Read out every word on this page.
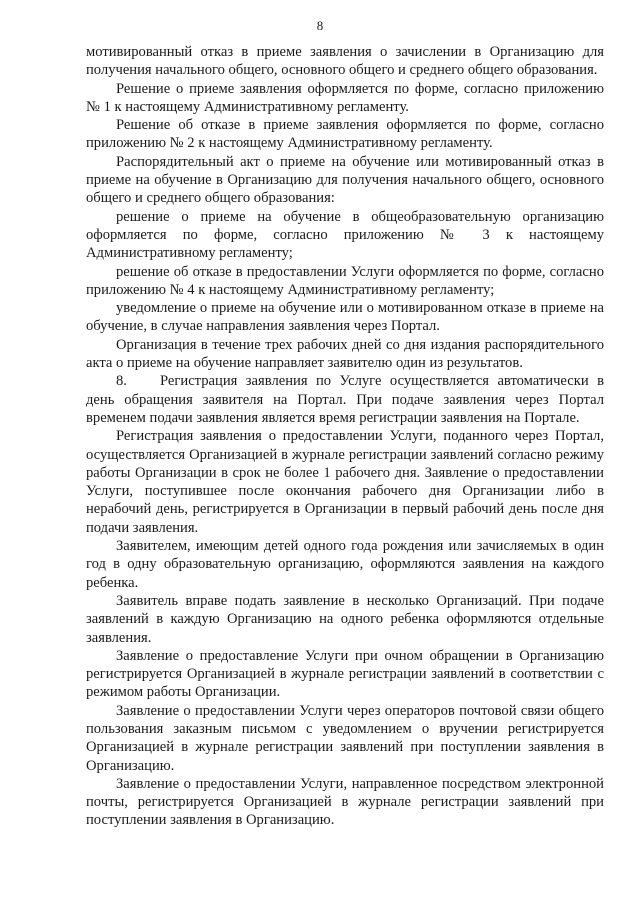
8

мотивированный отказ в приеме заявления о зачислении в Организацию для получения начального общего, основного общего и среднего общего образования.

Решение о приеме заявления оформляется по форме, согласно приложению № 1 к настоящему Административному регламенту.

Решение об отказе в приеме заявления оформляется по форме, согласно приложению № 2 к настоящему Административному регламенту.

Распорядительный акт о приеме на обучение или мотивированный отказ в приеме на обучение в Организацию для получения начального общего, основного общего и среднего общего образования:

решение о приеме на обучение в общеобразовательную организацию оформляется по форме, согласно приложению № 3 к настоящему Административному регламенту;

решение об отказе в предоставлении Услуги оформляется по форме, согласно приложению № 4 к настоящему Административному регламенту;

уведомление о приеме на обучение или о мотивированном отказе в приеме на обучение, в случае направления заявления через Портал.

Организация в течение трех рабочих дней со дня издания распорядительного акта о приеме на обучение направляет заявителю один из результатов.

8. Регистрация заявления по Услуге осуществляется автоматически в день обращения заявителя на Портал. При подаче заявления через Портал временем подачи заявления является время регистрации заявления на Портале.

Регистрация заявления о предоставлении Услуги, поданного через Портал, осуществляется Организацией в журнале регистрации заявлений согласно режиму работы Организации в срок не более 1 рабочего дня. Заявление о предоставлении Услуги, поступившее после окончания рабочего дня Организации либо в нерабочий день, регистрируется в Организации в первый рабочий день после дня подачи заявления.

Заявителем, имеющим детей одного года рождения или зачисляемых в один год в одну образовательную организацию, оформляются заявления на каждого ребенка.

Заявитель вправе подать заявление в несколько Организаций. При подаче заявлений в каждую Организацию на одного ребенка оформляются отдельные заявления.

Заявление о предоставление Услуги при очном обращении в Организацию регистрируется Организацией в журнале регистрации заявлений в соответствии с режимом работы Организации.

Заявление о предоставлении Услуги через операторов почтовой связи общего пользования заказным письмом с уведомлением о вручении регистрируется Организацией в журнале регистрации заявлений при поступлении заявления в Организацию.

Заявление о предоставлении Услуги, направленное посредством электронной почты, регистрируется Организацией в журнале регистрации заявлений при поступлении заявления в Организацию.
